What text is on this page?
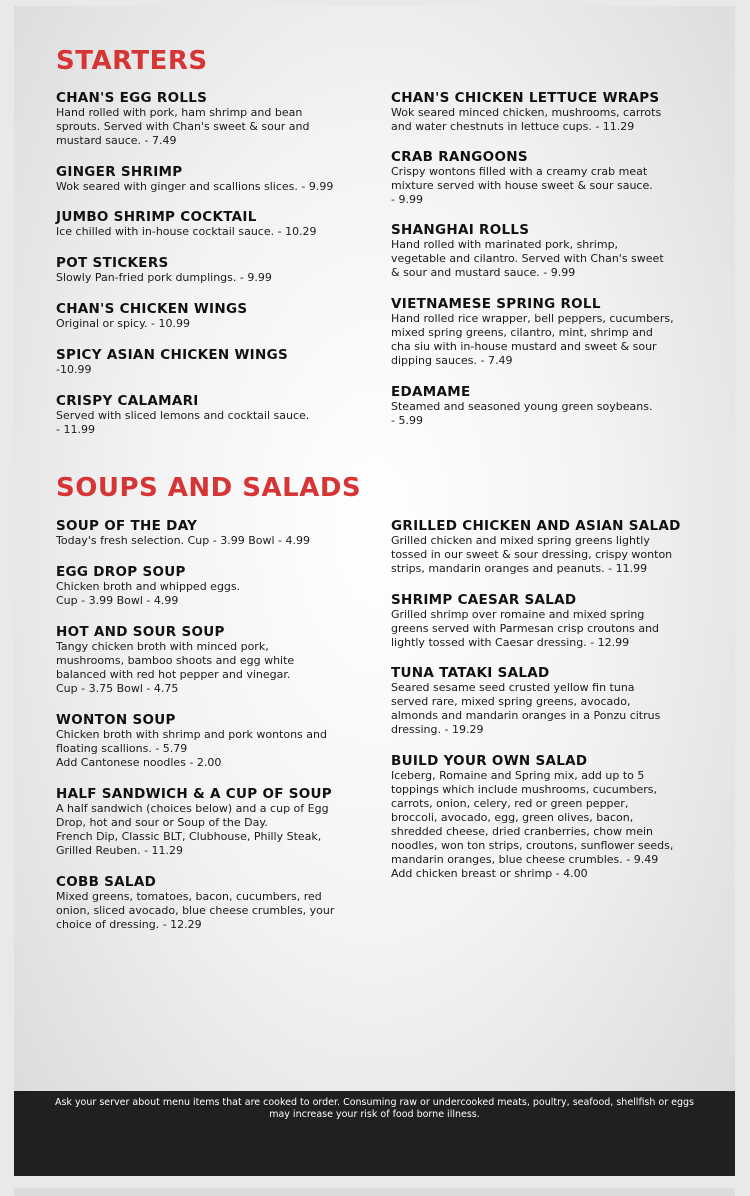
STARTERS

CHAN'S EGG ROLLS

Hand rolled with pork, ham shrimp and bean
sprouts. Served with Chan's sweet & sour and
mustard sauce. - 7.49

GINGER SHRIMP

Wok seared with ginger and scallions slices. - 9.99

JUMBO SHRIMP COCKTAIL

Ice chilled with in-house cocktail sauce. - 10.29

POT STICKERS

Slowly Pan-fried pork dumplings. - 9.99

CHAN'S CHICKEN WINGS

Original or spicy. - 10.99

SPICY ASIAN CHICKEN WINGS

-10.99

CRISPY CALAMARI

Served with sliced lemons and cocktail sauce.
- 11.99

CHAN'S CHICKEN LETTUCE WRAPS

Wok seared minced chicken, mushrooms, carrots
and water chestnuts in lettuce cups. - 11.29

CRAB RANGOONS

Crispy wontons filled with a creamy crab meat
mixture served with house sweet & sour sauce.
- 9.99

SHANGHAI ROLLS

Hand rolled with marinated pork, shrimp,
vegetable and cilantro. Served with Chan's sweet
& sour and mustard sauce. - 9.99

VIETNAMESE SPRING ROLL

Hand rolled rice wrapper, bell peppers, cucumbers,
mixed spring greens, cilantro, mint, shrimp and
cha siu with in-house mustard and sweet & sour
dipping sauces. - 7.49

EDAMAME

Steamed and seasoned young green soybeans.
- 5.99

SOUPS AND SALADS

SOUP OF THE DAY

Today's fresh selection. Cup - 3.99 Bowl - 4.99

EGG DROP SOUP

Chicken broth and whipped eggs.
Cup - 3.99 Bowl - 4.99

HOT AND SOUR SOUP

Tangy chicken broth with minced pork,
mushrooms, bamboo shoots and egg white
balanced with red hot pepper and vinegar.
Cup - 3.75 Bowl - 4.75

WONTON SOUP

Chicken broth with shrimp and pork wontons and
floating scallions. - 5.79
Add Cantonese noodles - 2.00

HALF SANDWICH & A CUP OF SOUP

A half sandwich (choices below) and a cup of Egg
Drop, hot and sour or Soup of the Day.
French Dip, Classic BLT, Clubhouse, Philly Steak,
Grilled Reuben. - 11.29

COBB SALAD

Mixed greens, tomatoes, bacon, cucumbers, red
onion, sliced avocado, blue cheese crumbles, your
choice of dressing. - 12.29

GRILLED CHICKEN AND ASIAN SALAD

Grilled chicken and mixed spring greens lightly
tossed in our sweet & sour dressing, crispy wonton
strips, mandarin oranges and peanuts. - 11.99

SHRIMP CAESAR SALAD

Grilled shrimp over romaine and mixed spring
greens served with Parmesan crisp croutons and
lightly tossed with Caesar dressing. - 12.99

TUNA TATAKI SALAD

Seared sesame seed crusted yellow fin tuna
served rare, mixed spring greens, avocado,
almonds and mandarin oranges in a Ponzu citrus
dressing. - 19.29

BUILD YOUR OWN SALAD

Iceberg, Romaine and Spring mix, add up to 5
toppings which include mushrooms, cucumbers,
carrots, onion, celery, red or green pepper,
broccoli, avocado, egg, green olives, bacon,
shredded cheese, dried cranberries, chow mein
noodles, won ton strips, croutons, sunflower seeds,
mandarin oranges, blue cheese crumbles. - 9.49
Add chicken breast or shrimp - 4.00

Ask your server about menu items that are cooked to order. Consuming raw or undercooked meats, poultry, seafood, shellfish or eggs may increase your risk of food borne illness.
